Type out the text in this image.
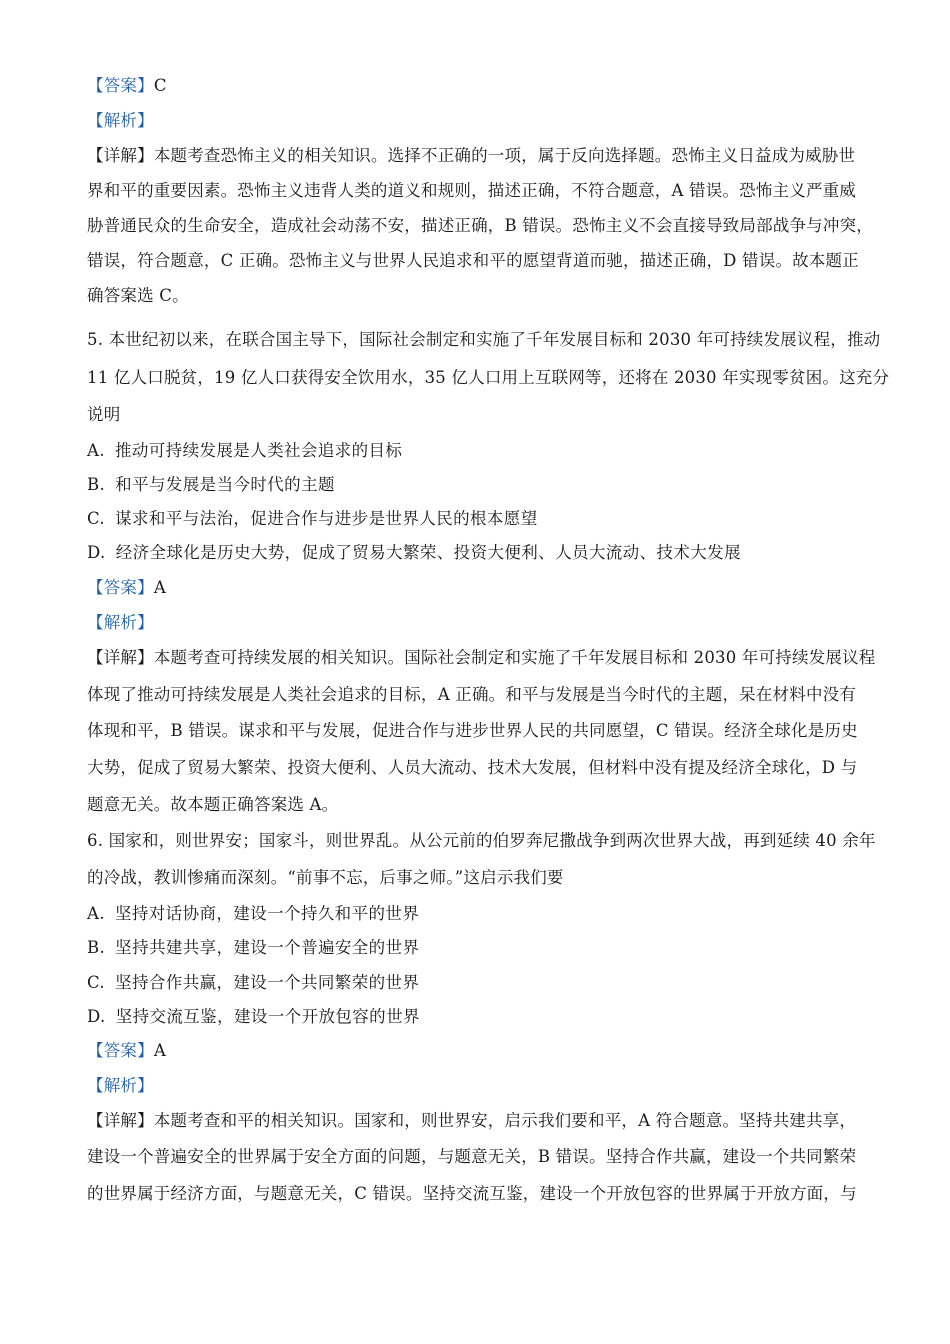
【答案】C
【解析】
【详解】本题考查恐怖主义的相关知识。选择不正确的一项，属于反向选择题。恐怖主义日益成为威胁世
界和平的重要因素。恐怖主义违背人类的道义和规则，描述正确，不符合题意，A 错误。恐怖主义严重威
胁普通民众的生命安全，造成社会动荡不安，描述正确，B 错误。恐怖主义不会直接导致局部战争与冲突，
错误，符合题意，C 正确。恐怖主义与世界人民追求和平的愿望背道而驰，描述正确，D 错误。故本题正
确答案选 C。
5. 本世纪初以来，在联合国主导下，国际社会制定和实施了千年发展目标和 2030 年可持续发展议程，推动
11 亿人口脱贫，19 亿人口获得安全饮用水，35 亿人口用上互联网等，还将在 2030 年实现零贫困。这充分
说明
A. 推动可持续发展是人类社会追求的目标
B. 和平与发展是当今时代的主题
C. 谋求和平与法治，促进合作与进步是世界人民的根本愿望
D. 经济全球化是历史大势，促成了贸易大繁荣、投资大便利、人员大流动、技术大发展
【答案】A
【解析】
【详解】本题考查可持续发展的相关知识。国际社会制定和实施了千年发展目标和 2030 年可持续发展议程
体现了推动可持续发展是人类社会追求的目标，A 正确。和平与发展是当今时代的主题，呆在材料中没有
体现和平，B 错误。谋求和平与发展，促进合作与进步世界人民的共同愿望，C 错误。经济全球化是历史
大势，促成了贸易大繁荣、投资大便利、人员大流动、技术大发展，但材料中没有提及经济全球化，D 与
题意无关。故本题正确答案选 A。
6. 国家和，则世界安；国家斗，则世界乱。从公元前的伯罗奔尼撒战争到两次世界大战，再到延续 40 余年
的冷战，教训惨痛而深刻。“前事不忘，后事之师。”这启示我们要
A. 坚持对话协商，建设一个持久和平的世界
B. 坚持共建共享，建设一个普遍安全的世界
C. 坚持合作共赢，建设一个共同繁荣的世界
D. 坚持交流互鉴，建设一个开放包容的世界
【答案】A
【解析】
【详解】本题考查和平的相关知识。国家和，则世界安，启示我们要和平，A 符合题意。坚持共建共享，
建设一个普遍安全的世界属于安全方面的问题，与题意无关，B 错误。坚持合作共赢，建设一个共同繁荣
的世界属于经济方面，与题意无关，C 错误。坚持交流互鉴，建设一个开放包容的世界属于开放方面，与
